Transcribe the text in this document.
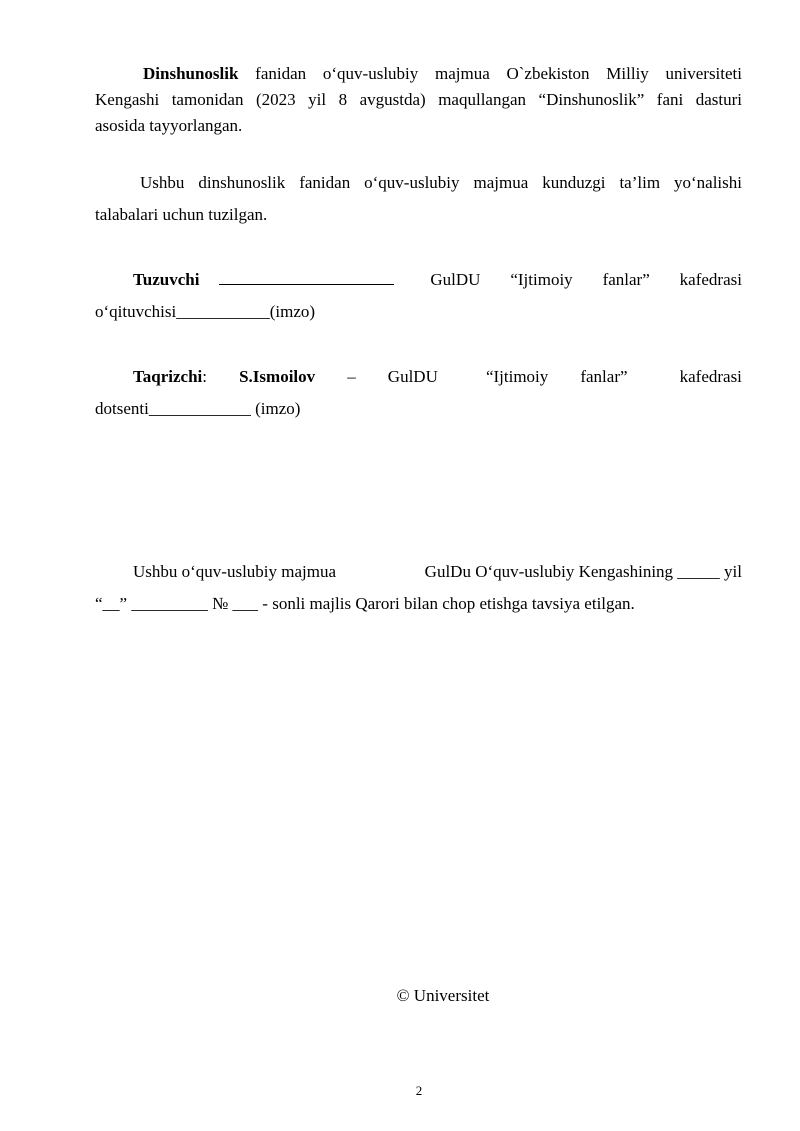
Dinshunoslik fanidan o‘quv-uslubiy majmua O`zbekiston Milliy universiteti
Kengashi tamonidan (2023 yil 8 avgustda) maqullangan “Dinshunoslik” fani dasturi
asosida tayyorlangan.
Ushbu dinshunoslik fanidan o‘quv-uslubiy majmua kunduzgi ta’lim yo‘nalishi
talabalari uchun tuzilgan.
Tuzuvchi	GulDU “Ijtimoiy fanlar” kafedrasi
o‘qituvchisi___________(imzo)
Taqrizchi: S.Ismoilov – GulDU	“Ijtimoiy fanlar”	kafedrasi
dotsenti____________ (imzo)
Ushbu o‘quv-uslubiy majmua	GulDu O‘quv-uslubiy Kengashining _____ yil
“__” _________ № ___ - sonli majlis Qarori bilan chop etishga tavsiya etilgan.
© Universitet
2
